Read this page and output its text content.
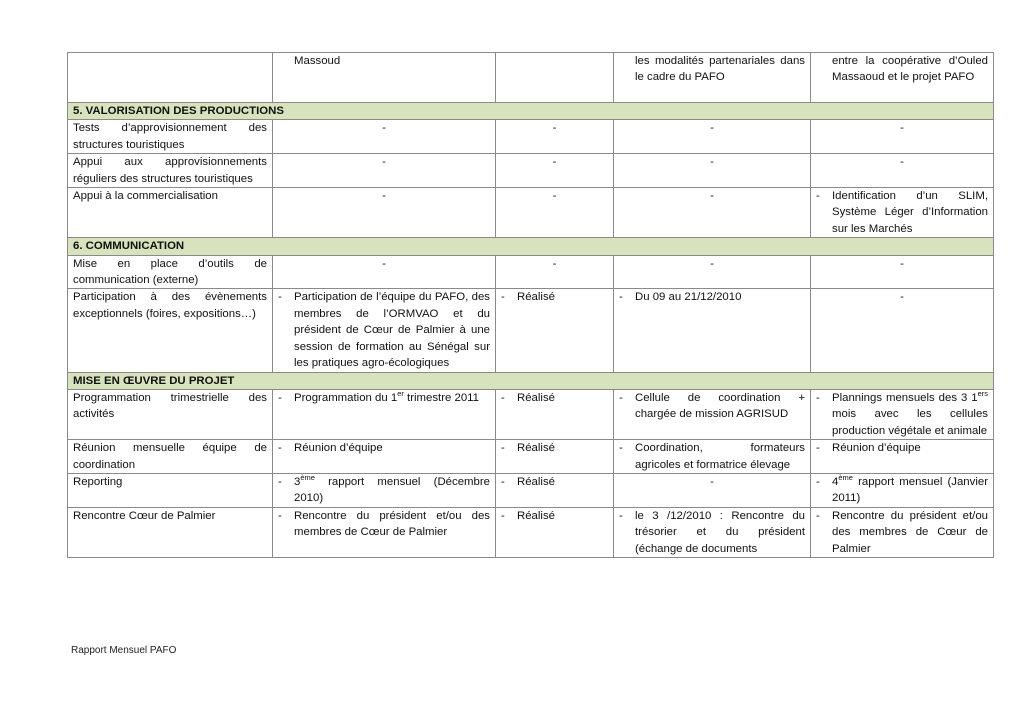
	Massoud		les modalités partenariales dans le cadre du PAFO	entre la coopérative d’Ouled Massaoud et le projet PAFO

5. VALORISATION DES PRODUCTIONS				
Tests d’approvisionnement des structures touristiques	-	-	-	-
Appui aux approvisionnements réguliers des structures touristiques	-	-	-	-
Appui à la commercialisation	-	-	-	- Identification d’un SLIM, Système Léger d’Information sur les Marchés

6. COMMUNICATION				
Mise en place d’outils de communication (externe)	-	-	-	-
Participation à des évènements exceptionnels (foires, expositions…)	- Participation de l’équipe du PAFO, des membres de l’ORMVAO et du président de Cœur de Palmier à une session de formation au Sénégal sur les pratiques agro-écologiques	- Réalisé	- Du 09 au 21/12/2010	-
MISE EN ŒUVRE DU PROJET				
Programmation trimestrielle des activités	- Programmation du 1er trimestre 2011	- Réalisé	- Cellule de coordination + chargée de mission AGRISUD	- Plannings mensuels des 3 1ers mois avec les cellules production végétale et animale

Réunion mensuelle équipe de coordination	- Réunion d’équipe	- Réalisé	- Coordination, formateurs agricoles et formatrice élevage	- Réunion d’équipe

Reporting	- 3ème rapport mensuel (Décembre 2010)	- Réalisé	-	- 4ème rapport mensuel (Janvier 2011)

Rencontre Cœur de Palmier	- Rencontre du président et/ou des membres de Cœur de Palmier	- Réalisé	- le 3 /12/2010 : Rencontre du trésorier et du président (échange de documents	- Rencontre du président et/ou des membres de Cœur de Palmier
Rapport Mensuel PAFO
